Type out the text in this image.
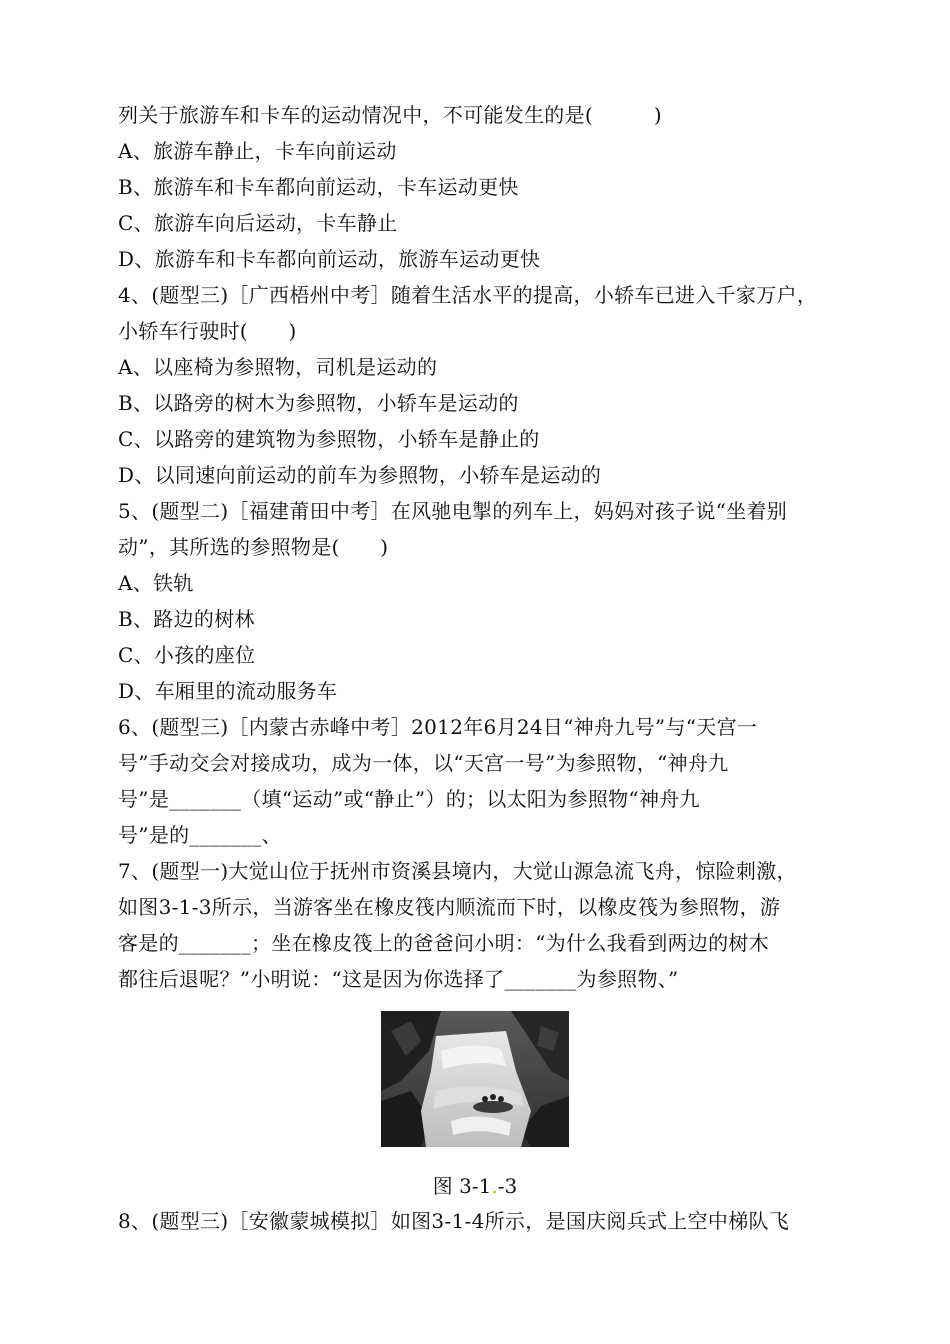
列关于旅游车和卡车的运动情况中，不可能发生的是(　　　)
A、旅游车静止，卡车向前运动
B、旅游车和卡车都向前运动，卡车运动更快
C、旅游车向后运动，卡车静止
D、旅游车和卡车都向前运动，旅游车运动更快
4、(题型三)［广西梧州中考］随着生活水平的提高，小轿车已进入千家万户，
小轿车行驶时(　　)
A、以座椅为参照物，司机是运动的
B、以路旁的树木为参照物，小轿车是运动的
C、以路旁的建筑物为参照物，小轿车是静止的
D、以同速向前运动的前车为参照物，小轿车是运动的
5、(题型二)［福建莆田中考］在风驰电掣的列车上，妈妈对孩子说“坐着别
动”，其所选的参照物是(　　)
A、铁轨
B、路边的树林
C、小孩的座位
D、车厢里的流动服务车
6、(题型三)［内蒙古赤峰中考］2012年6月24日“神舟九号”与“天宫一
号”手动交会对接成功，成为一体，以“天宫一号”为参照物，“神舟九
号”是_______（填“运动”或“静止”）的；以太阳为参照物“神舟九
号”是的_______、
7、(题型一)大觉山位于抚州市资溪县境内，大觉山源急流飞舟，惊险刺激，
如图3-1-3所示，当游客坐在橡皮筏内顺流而下时，以橡皮筏为参照物，游
客是的_______；坐在橡皮筏上的爸爸问小明：“为什么我看到两边的树木
都往后退呢？”小明说：“这是因为你选择了_______为参照物、”
图 3-1.-3
8、(题型三)［安徽蒙城模拟］如图3-1-4所示，是国庆阅兵式上空中梯队飞
